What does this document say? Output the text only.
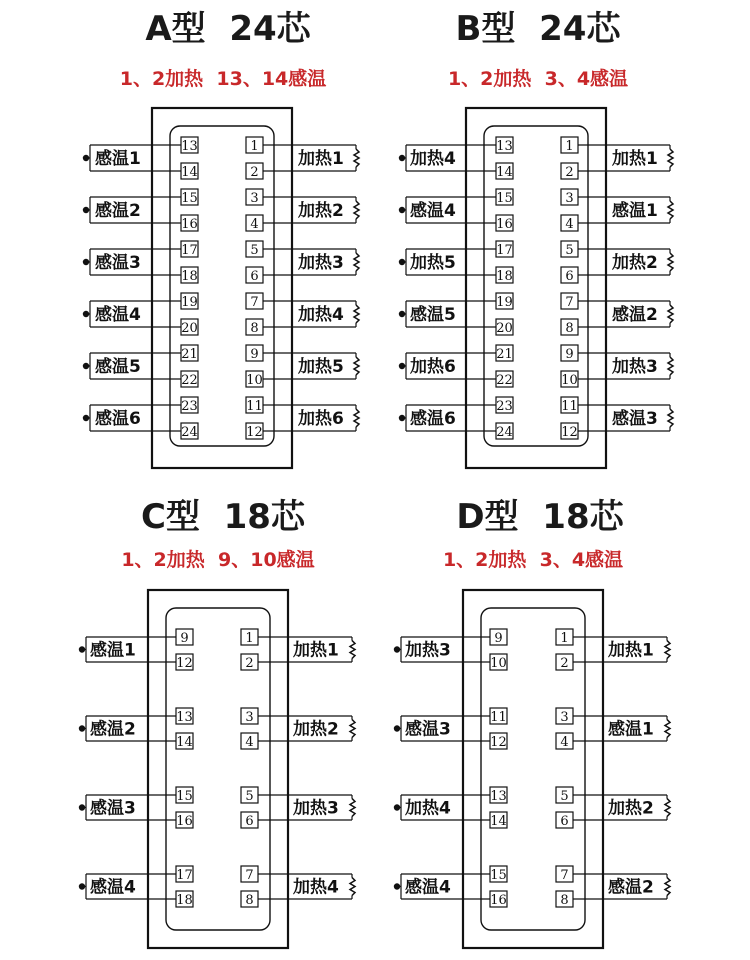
A型  24芯
1、2加热  13、14感温
B型  24芯
1、2加热  3、4感温
C型  18芯
1、2加热  9、10感温
D型  18芯
1、2加热  3、4感温
13
14
感温1
15
16
感温2
17
18
感温3
19
20
感温4
21
22
感温5
23
24
感温6
1
2
加热1
3
4
加热2
5
6
加热3
7
8
加热4
9
10
加热5
11
12
加热6
13
14
加热4
15
16
感温4
17
18
加热5
19
20
感温5
21
22
加热6
23
24
感温6
1
2
加热1
3
4
感温1
5
6
加热2
7
8
感温2
9
10
加热3
11
12
感温3
9
12
感温1
13
14
感温2
15
16
感温3
17
18
感温4
1
2
加热1
3
4
加热2
5
6
加热3
7
8
加热4
9
10
加热3
11
12
感温3
13
14
加热4
15
16
感温4
1
2
加热1
3
4
感温1
5
6
加热2
7
8
感温2
